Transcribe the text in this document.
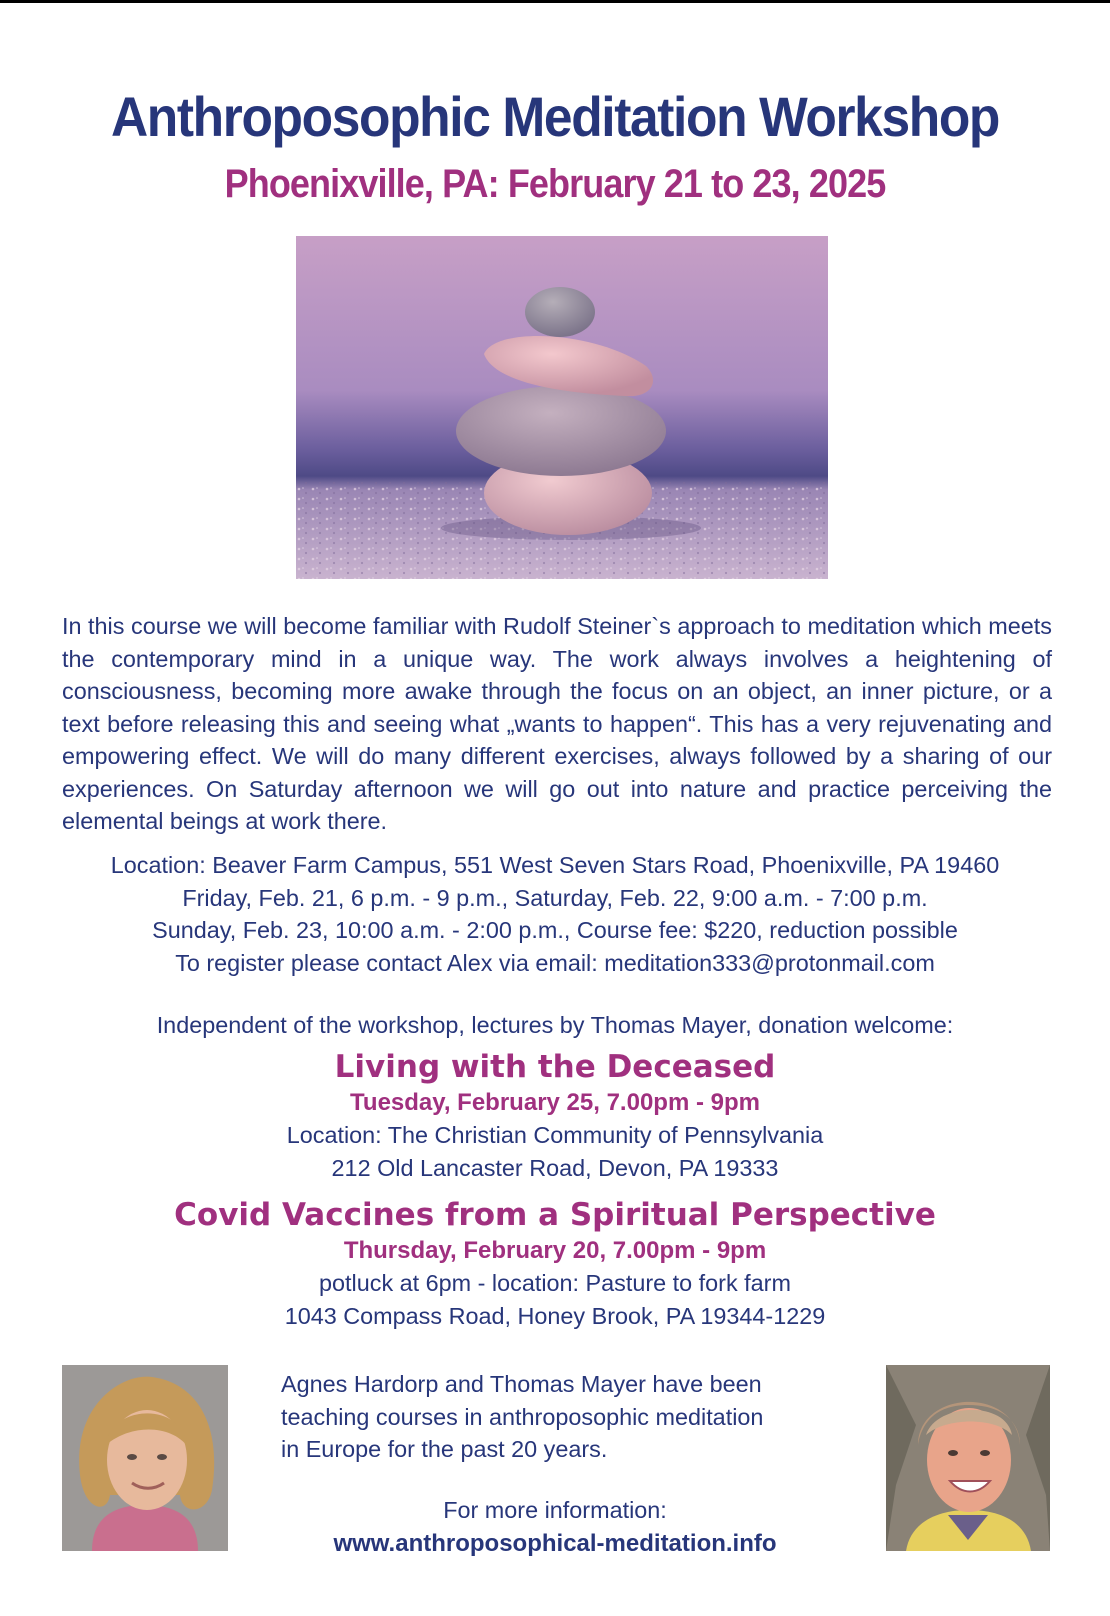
Anthroposophic Meditation Workshop
Phoenixville, PA: February 21 to 23, 2025
In this course we will become familiar with Rudolf Steiner`s approach to meditation which meets the contemporary mind in a unique way. The work always involves a heightening of consciousness, becoming more awake through the focus on an object, an inner picture, or a text before releasing this and seeing what „wants to happen“. This has a very rejuvenating and empowering effect. We will do many different exercises, always followed by a sharing of our experiences. On Saturday afternoon we will go out into nature and practice perceiving the elemental beings at work there.
Location: Beaver Farm Campus, 551 West Seven Stars Road, Phoenixville, PA 19460
Friday, Feb. 21, 6 p.m. - 9 p.m., Saturday, Feb. 22, 9:00 a.m. - 7:00 p.m.
Sunday, Feb. 23, 10:00 a.m. - 2:00 p.m., Course fee: $220, reduction possible
To register please contact Alex via email: meditation333@protonmail.com
Independent of the workshop, lectures by Thomas Mayer, donation welcome:
Living with the Deceased
Tuesday, February 25, 7.00pm - 9pm
Location: The Christian Community of Pennsylvania
212 Old Lancaster Road, Devon, PA 19333
Covid Vaccines from a Spiritual Perspective
Thursday, February 20, 7.00pm - 9pm
potluck at 6pm - location: Pasture to fork farm
1043 Compass Road, Honey Brook, PA 19344-1229
Agnes Hardorp and Thomas Mayer have been
teaching courses in anthroposophic meditation
in Europe for the past 20 years.
For more information:
www.anthroposophical-meditation.info
